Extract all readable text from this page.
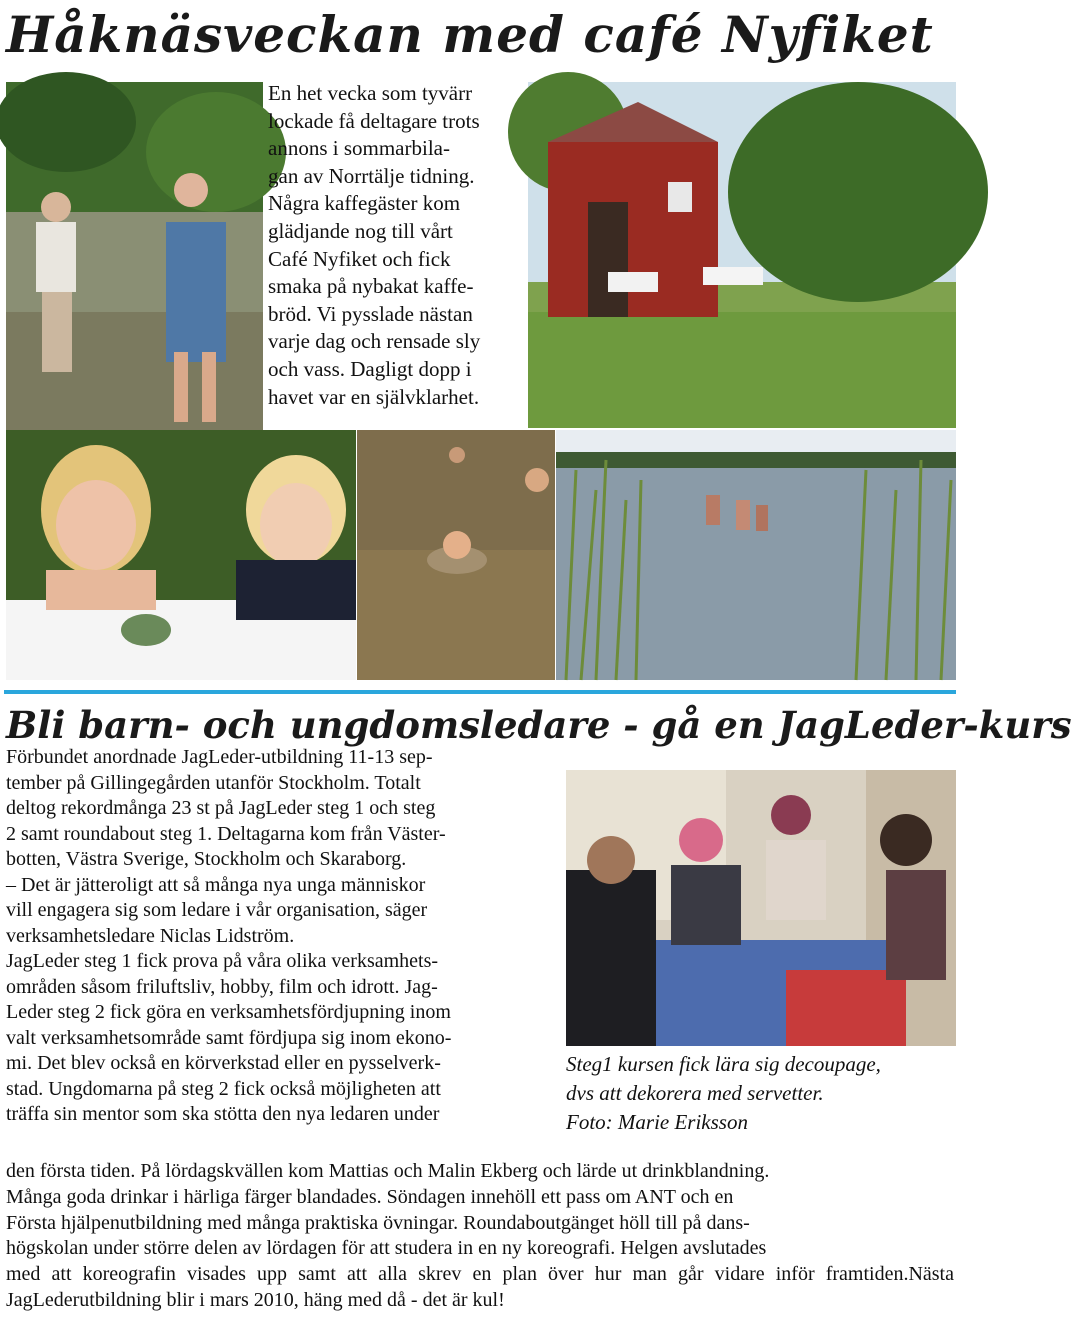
Håknäsveckan med café Nyfiket

En het vecka som tyvärr
lockade få deltagare trots
annons i sommarbila-
gan av Norrtälje tidning.
Några kaffegäster kom
glädjande nog till vårt
Café Nyfiket och fick
smaka på nybakat kaffe-
bröd. Vi pysslade nästan
varje dag och rensade sly
och vass. Dagligt dopp i
havet var en självklarhet.

Bli barn- och ungdomsledare - gå en JagLeder-kurs

Förbundet anordnade JagLeder-utbildning 11-13 sep-
tember på Gillingegården utanför Stockholm. Totalt
deltog rekordmånga 23 st på JagLeder steg 1 och steg
2 samt roundabout steg 1. Deltagarna kom från Väster-
botten, Västra Sverige, Stockholm och Skaraborg.
– Det är jätteroligt att så många nya unga människor
vill engagera sig som ledare i vår organisation, säger
verksamhetsledare Niclas Lidström.
JagLeder steg 1 fick prova på våra olika verksamhets-
områden såsom friluftsliv, hobby, film och idrott. Jag-
Leder steg 2 fick göra en verksamhetsfördjupning inom
valt verksamhetsområde samt fördjupa sig inom ekono-
mi. Det blev också en körverkstad eller en pysselverk-
stad. Ungdomarna på steg 2 fick också möjligheten att
träffa sin mentor som ska stötta den nya ledaren under

Steg1 kursen fick lära sig decoupage,

dvs att dekorera med servetter.

Foto: Marie Eriksson

den första tiden. På lördagskvällen kom Mattias och Malin Ekberg och lärde ut drinkblandning.
Många goda drinkar i härliga färger blandades. Söndagen innehöll ett pass om ANT och en
Första hjälpenutbildning med många praktiska övningar. Roundaboutgänget höll till på dans-
högskolan under större delen av lördagen för att studera in en ny koreografi. Helgen avslutades
med att koreografin visades upp samt att alla skrev en plan över hur man går vidare inför framtiden.Nästa JagLederutbildning blir i mars 2010, häng med då - det är kul!
